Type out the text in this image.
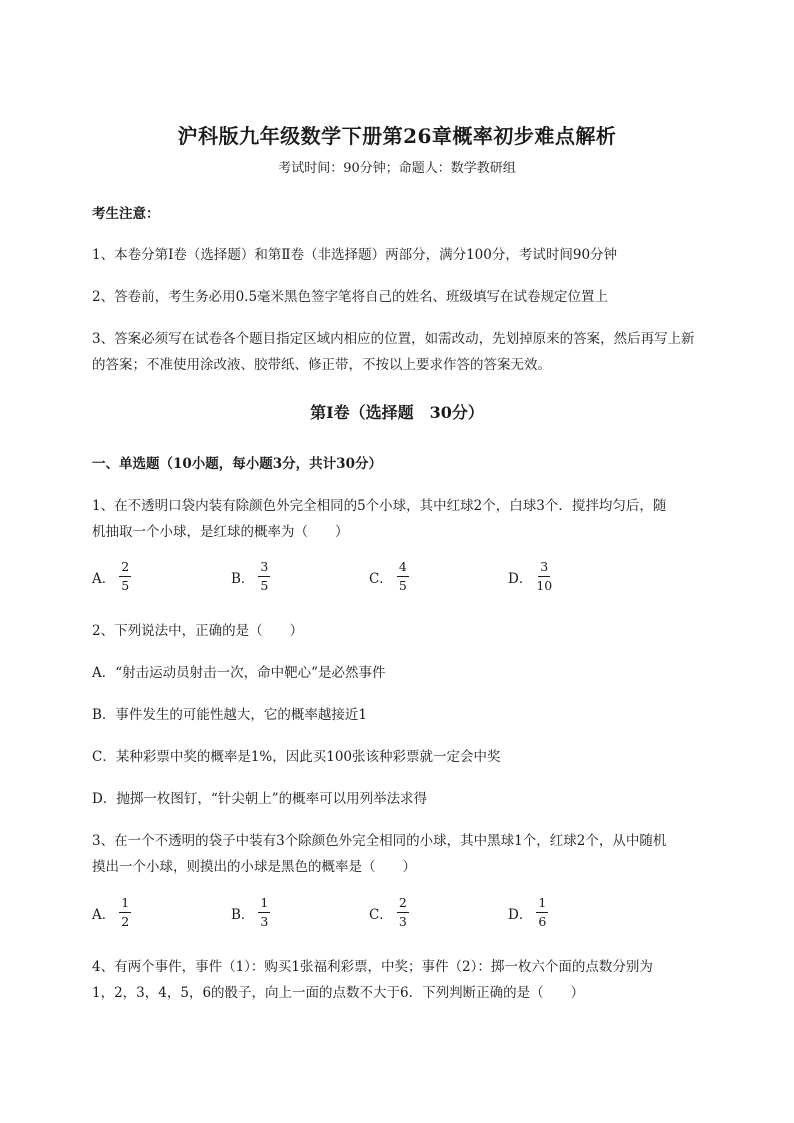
沪科版九年级数学下册第26章概率初步难点解析
考试时间：90分钟；命题人：数学教研组
考生注意：
1、本卷分第I卷（选择题）和第Ⅱ卷（非选择题）两部分，满分100分，考试时间90分钟
2、答卷前，考生务必用0.5毫米黑色签字笔将自己的姓名、班级填写在试卷规定位置上
3、答案必须写在试卷各个题目指定区域内相应的位置，如需改动，先划掉原来的答案，然后再写上新
的答案；不准使用涂改液、胶带纸、修正带，不按以上要求作答的答案无效。
第I卷（选择题　30分）
一、单选题（10小题，每小题3分，共计30分）
1、在不透明口袋内装有除颜色外完全相同的5个小球，其中红球2个，白球3个．搅拌均匀后，随
机抽取一个小球，是红球的概率为（　　）
A． $\frac{2}{5}$	B． $\frac{3}{5}$	C． $\frac{4}{5}$	D． $\frac{3}{10}$
2、下列说法中，正确的是（　　）
A．“射击运动员射击一次，命中靶心”是必然事件
B．事件发生的可能性越大，它的概率越接近1
C．某种彩票中奖的概率是1%，因此买100张该种彩票就一定会中奖
D．抛掷一枚图钉，“针尖朝上”的概率可以用列举法求得
3、在一个不透明的袋子中装有3个除颜色外完全相同的小球，其中黑球1个，红球2个，从中随机
摸出一个小球，则摸出的小球是黑色的概率是（　　）
A． $\frac{1}{2}$	B． $\frac{1}{3}$	C． $\frac{2}{3}$	D． $\frac{1}{6}$
4、有两个事件，事件（1）：购买1张福利彩票，中奖；事件（2）：掷一枚六个面的点数分别为
1，2，3，4，5，6的骰子，向上一面的点数不大于6．下列判断正确的是（　　）
